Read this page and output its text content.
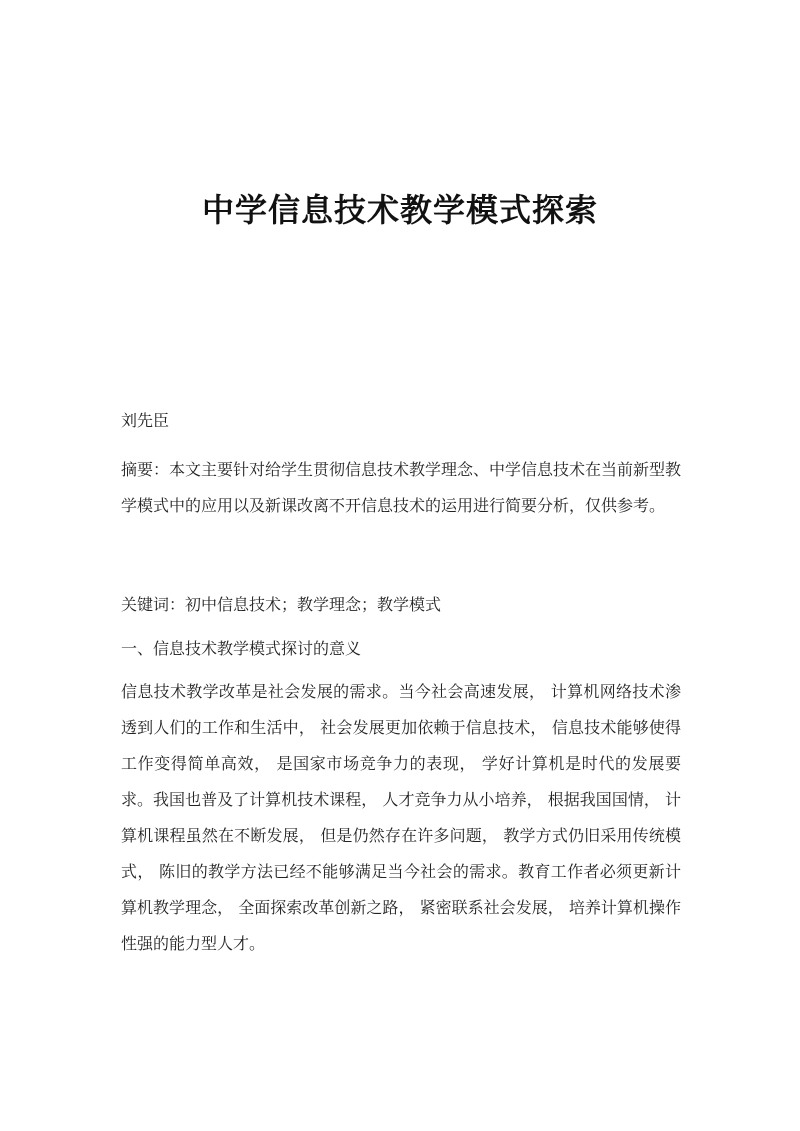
中学信息技术教学模式探索
刘先臣

摘要：本文主要针对给学生贯彻信息技术教学理念、中学信息技术在当前新型教学模式中的应用以及新课改离不开信息技术的运用进行简要分析，仅供参考。

关键词：初中信息技术；教学理念；教学模式

一、信息技术教学模式探讨的意义

信息技术教学改革是社会发展的需求。当今社会高速发展， 计算机网络技术渗透到人们的工作和生活中， 社会发展更加依赖于信息技术， 信息技术能够使得工作变得简单高效， 是国家市场竞争力的表现， 学好计算机是时代的发展要求。我国也普及了计算机技术课程， 人才竞争力从小培养， 根据我国国情， 计算机课程虽然在不断发展， 但是仍然存在许多问题， 教学方式仍旧采用传统模式， 陈旧的教学方法已经不能够满足当今社会的需求。教育工作者必须更新计算机教学理念， 全面探索改革创新之路， 紧密联系社会发展， 培养计算机操作性强的能力型人才。
